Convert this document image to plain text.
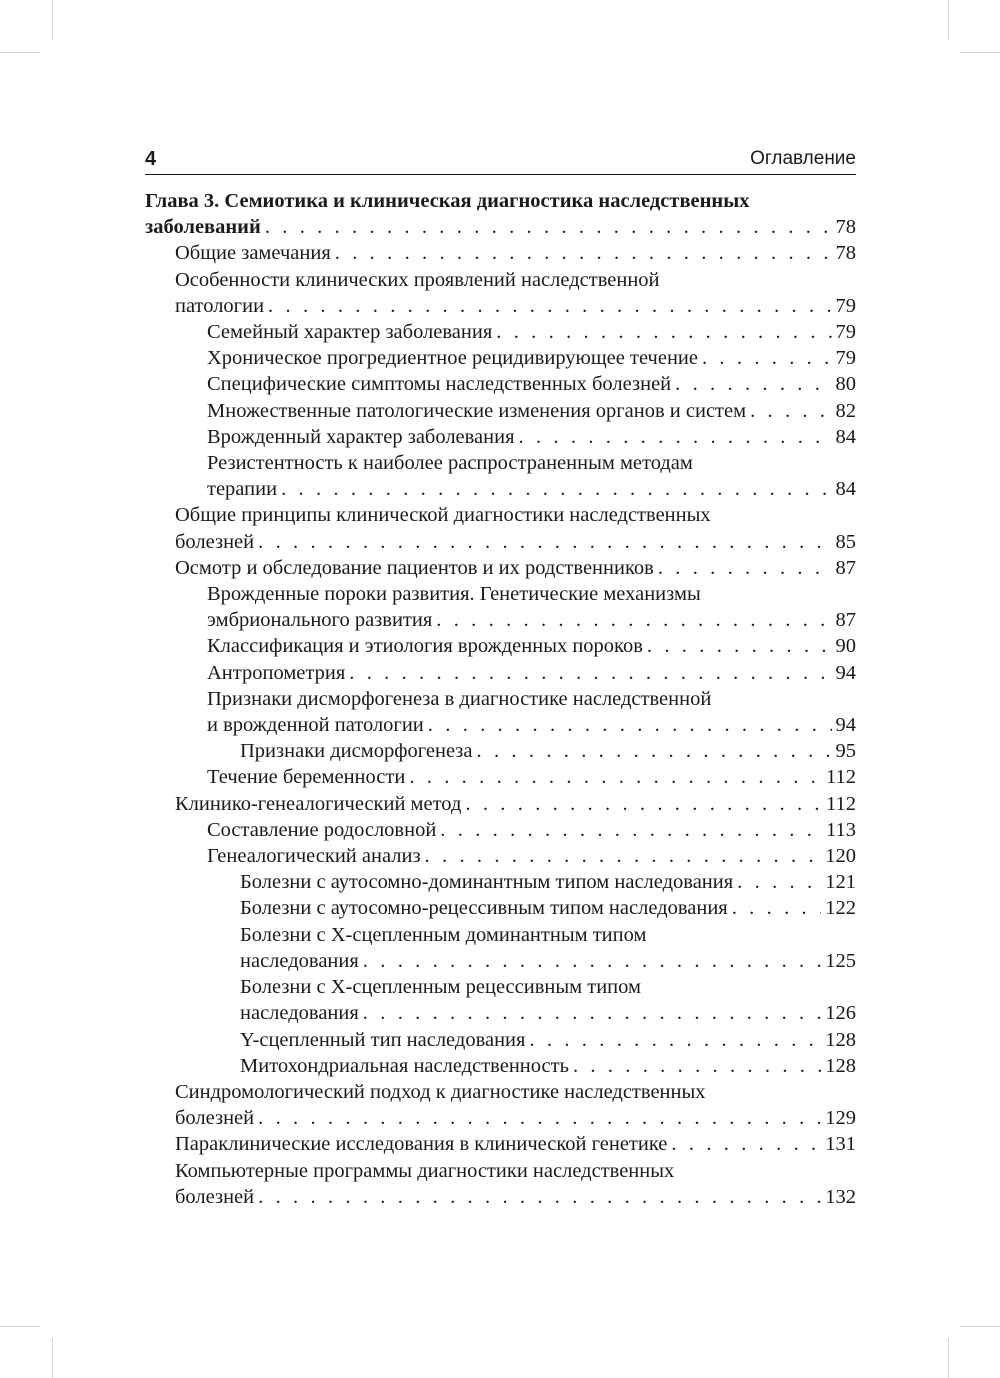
4	Оглавление
Глава 3. Семиотика и клиническая диагностика наследственных
заболеваний . . .	78
Общие замечания . . .	78
Особенности клинических проявлений наследственной
патологии . . .	79
Семейный характер заболевания . . .	79
Хроническое прогредиентное рецидивирующее течение . . .	79
Специфические симптомы наследственных болезней . . .	80
Множественные патологические изменения органов и систем . . .	82
Врожденный характер заболевания . . .	84
Резистентность к наиболее распространенным методам
терапии . . .	84
Общие принципы клинической диагностики наследственных
болезней . . .	85
Осмотр и обследование пациентов и их родственников . . .	87
Врожденные пороки развития. Генетические механизмы
эмбрионального развития . . .	87
Классификация и этиология врожденных пороков . . .	90
Антропометрия . . .	94
Признаки дисморфогенеза в диагностике наследственной
и врожденной патологии . . .	94
Признаки дисморфогенеза . . .	95
Течение беременности . . .	112
Клинико-генеалогический метод . . .	112
Составление родословной . . .	113
Генеалогический анализ . . .	120
Болезни с аутосомно-доминантным типом наследования . . .	121
Болезни с аутосомно-рецессивным типом наследования . . .	122
Болезни с Х-сцепленным доминантным типом
наследования . . .	125
Болезни с Х-сцепленным рецессивным типом
наследования . . .	126
Y-сцепленный тип наследования . . .	128
Митохондриальная наследственность . . .	128
Синдромологический подход к диагностике наследственных
болезней . . .	129
Параклинические исследования в клинической генетике . . .	131
Компьютерные программы диагностики наследственных
болезней . . .	132
